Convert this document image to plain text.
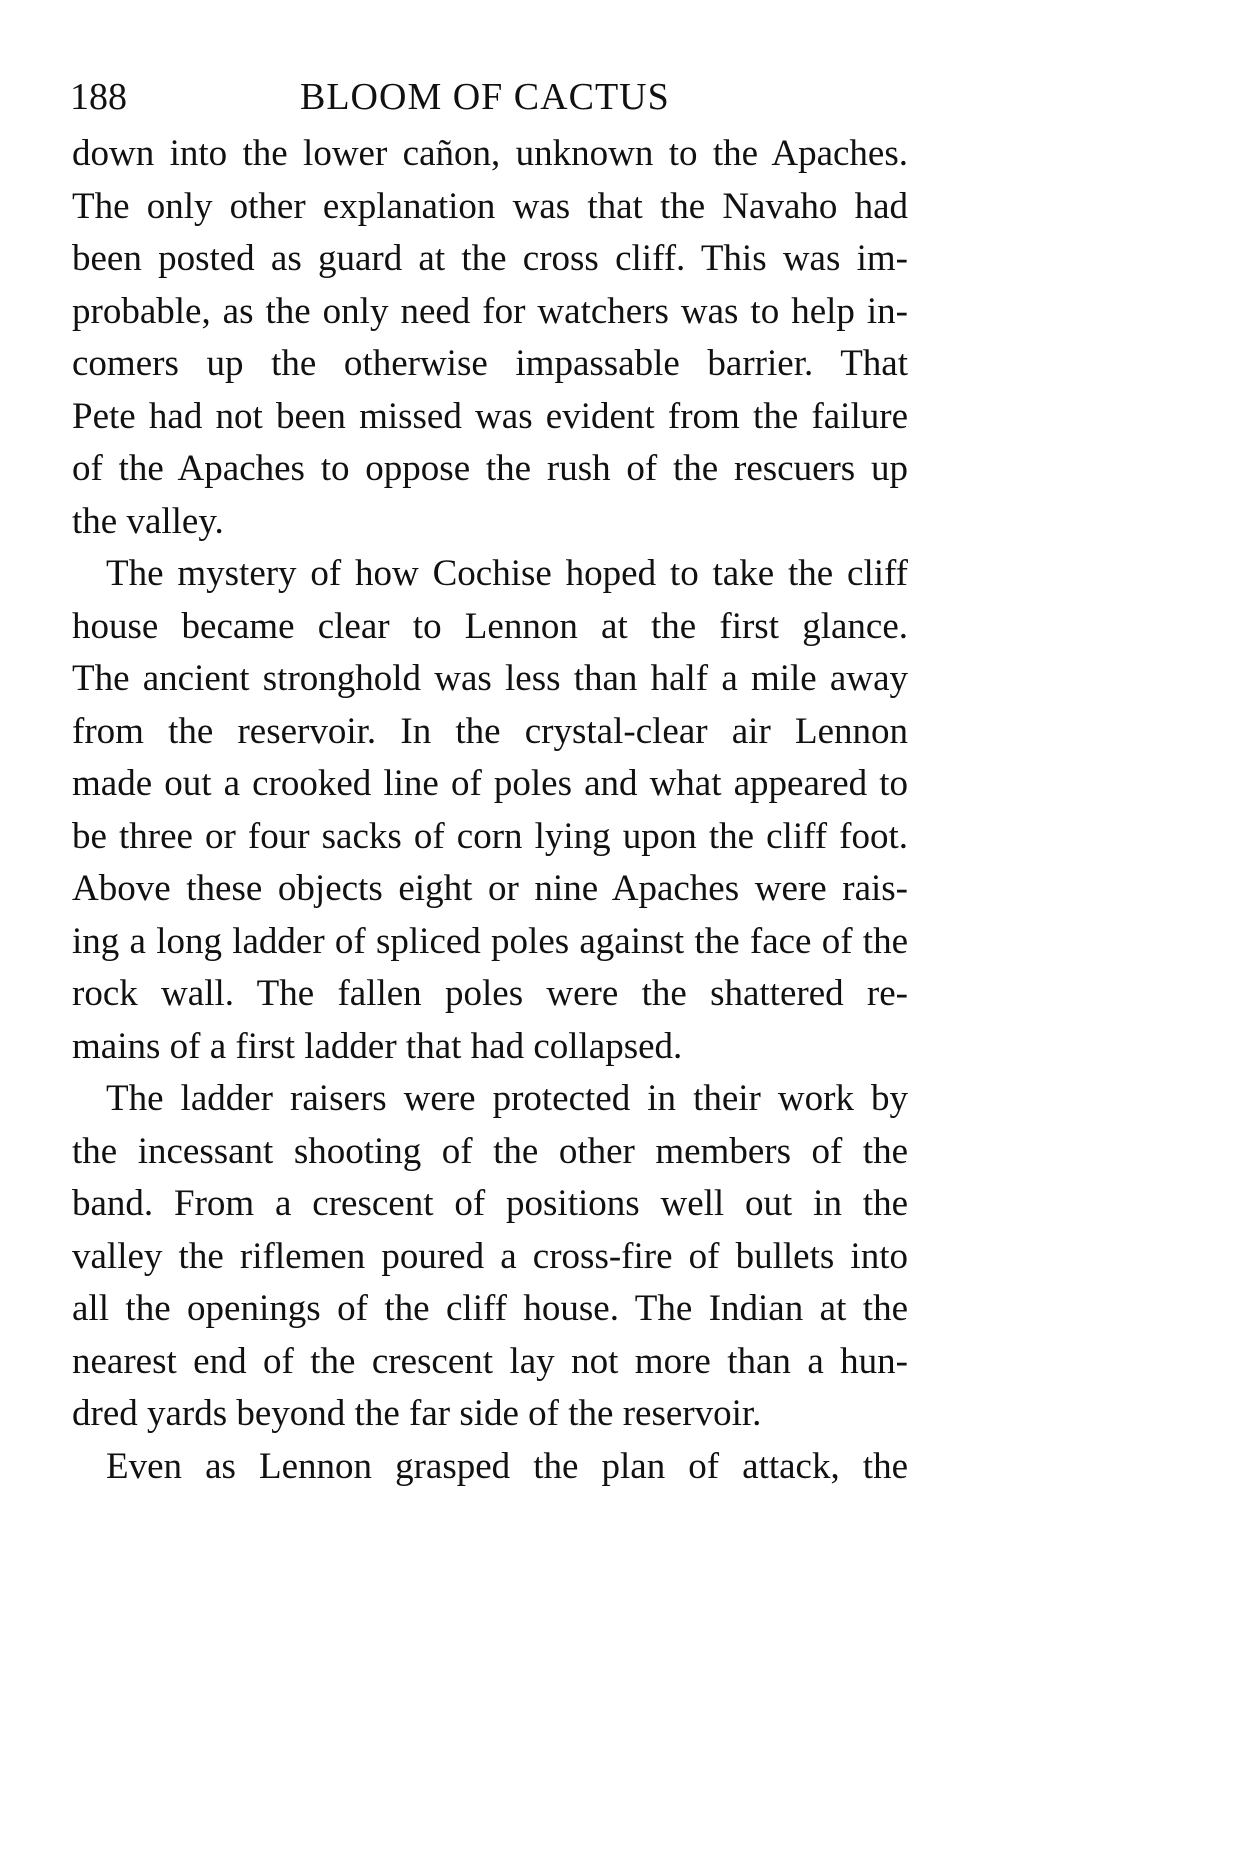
188	BLOOM OF CACTUS
down into the lower cañon, unknown to the Apaches.
The only other explanation was that the Navaho had
been posted as guard at the cross cliff. This was im-
probable, as the only need for watchers was to help in-
comers up the otherwise impassable barrier. That
Pete had not been missed was evident from the failure
of the Apaches to oppose the rush of the rescuers up
the valley.
The mystery of how Cochise hoped to take the cliff
house became clear to Lennon at the first glance.
The ancient stronghold was less than half a mile away
from the reservoir. In the crystal-clear air Lennon
made out a crooked line of poles and what appeared to
be three or four sacks of corn lying upon the cliff foot.
Above these objects eight or nine Apaches were rais-
ing a long ladder of spliced poles against the face of the
rock wall. The fallen poles were the shattered re-
mains of a first ladder that had collapsed.
The ladder raisers were protected in their work by
the incessant shooting of the other members of the
band. From a crescent of positions well out in the
valley the riflemen poured a cross-fire of bullets into
all the openings of the cliff house. The Indian at the
nearest end of the crescent lay not more than a hun-
dred yards beyond the far side of the reservoir.
Even as Lennon grasped the plan of attack, the
